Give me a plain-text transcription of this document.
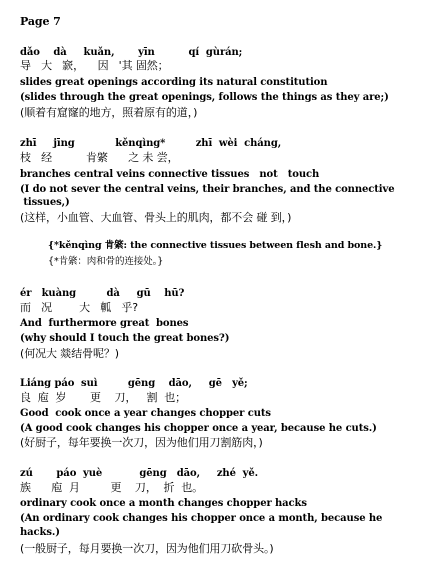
Page 7
dǎo    dà     kuǎn,       yīn          qí  gùrán;
导   大   窾，    因   '其 固然；
slides great openings according its natural constitution
(slides through the great openings, follows the things as they are;)
(顺着有窟窿的地方，照着原有的道，)
zhī     jīng            kěnqìng*         zhī  wèi  cháng,
枝   经          肯綮      之 未 尝，
branches central veins connective tissues   not   touch
(I do not sever the central veins, their branches, and the connective
tissues,)
(这样，小血管、大血管、骨头上的肌肉，都不会 碰 到，)
{*kěnqìng 肯綮: the connective tissues between flesh and bone.}
{*肯綮：肉和骨的连接处。}
ér   kuàng         dà     gū    hū?
而   况        大   軱   乎?
And  furthermore great  bones
(why should I touch the great bones?)
(何况大 燚结骨呢？)
Liáng páo  suì         gēng    dāo,     gē   yě;
良  庖  岁       更    刀，   割  也；
Good  cook once a year changes chopper cuts
(A good cook changes his chopper once a year, because he cuts.)
(好厨子，每年要换一次刀，因为他们用刀割筋肉，)
zú       páo  yuè           gēng   dāo,     zhé  yě.
族      庖  月         更    刀，  折  也。
ordinary cook once a month changes chopper hacks
(An ordinary cook changes his chopper once a month, because he
hacks.)
(一般厨子，每月要换一次刀，因为他们用刀砍骨头。)
